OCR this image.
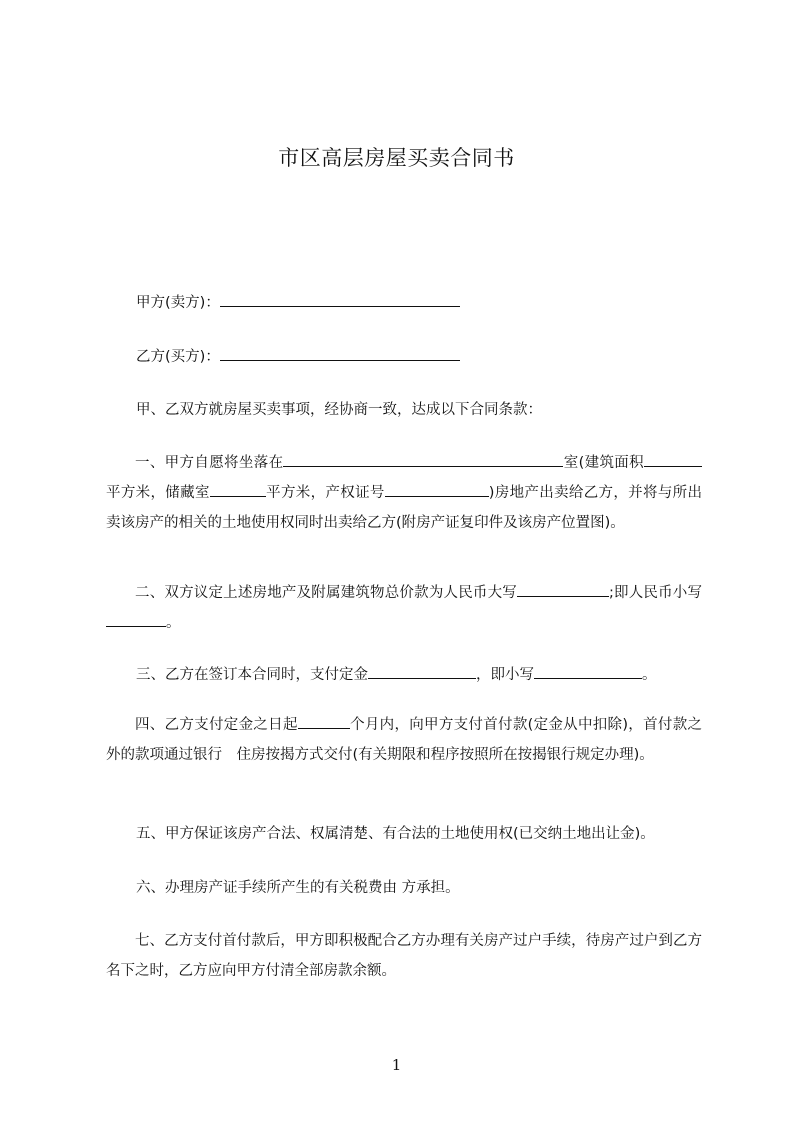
市区高层房屋买卖合同书
甲方(卖方)：
乙方(买方)：
甲、乙双方就房屋买卖事项，经协商一致，达成以下合同条款：
一、甲方自愿将坐落在	室(建筑面积平方米，储藏室	平方米，产权证号	)房地产出卖给乙方，并将与所出卖该房产的相关的土地使用权同时出卖给乙方(附房产证复印件及该房产位置图)。
二、双方议定上述房地产及附属建筑物总价款为人民币大写	;即人民币小写。
三、乙方在签订本合同时，支付定金	，即小写	。
四、乙方支付定金之日起	个月内，向甲方支付首付款(定金从中扣除)，首付款之外的款项通过银行　住房按揭方式交付(有关期限和程序按照所在按揭银行规定办理)。
五、甲方保证该房产合法、权属清楚、有合法的土地使用权(已交纳土地出让金)。
六、办理房产证手续所产生的有关税费由 方承担。
七、乙方支付首付款后，甲方即积极配合乙方办理有关房产过户手续，待房产过户到乙方名下之时，乙方应向甲方付清全部房款余额。
1
